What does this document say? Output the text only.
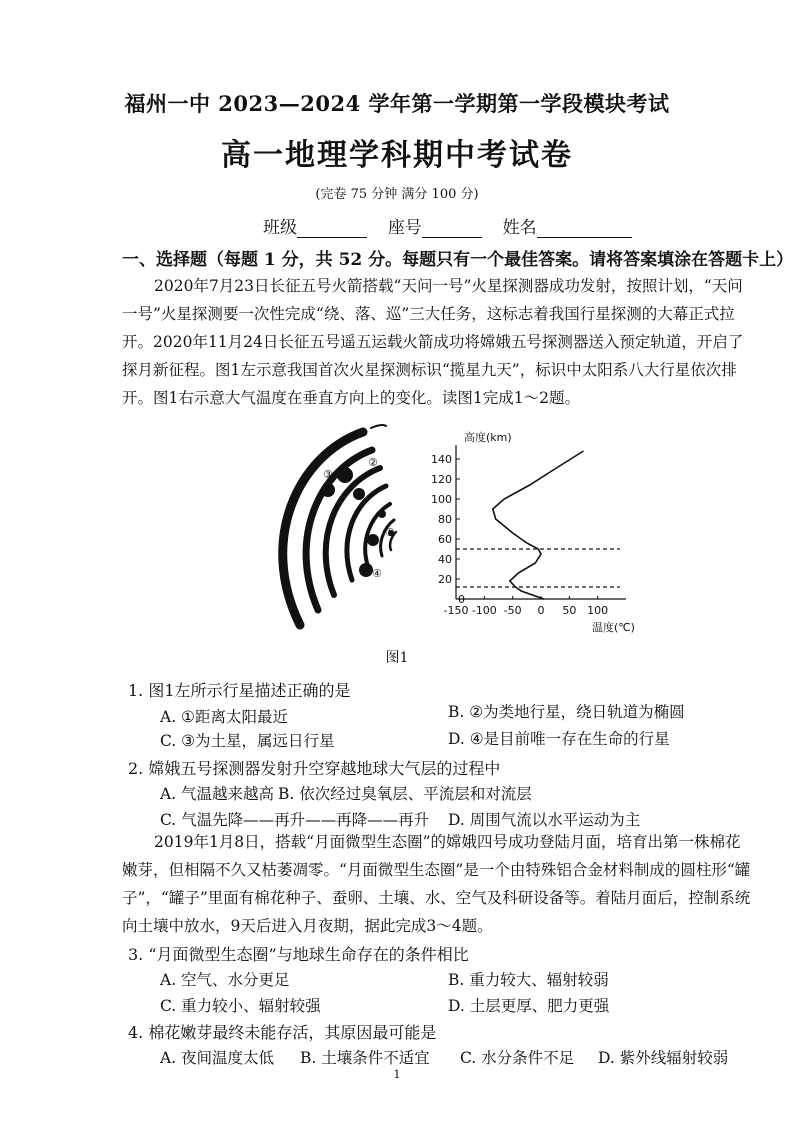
福州一中 2023—2024 学年第一学期第一学段模块考试
高一地理学科期中考试卷
(完卷 75 分钟 满分 100 分)
班级	座号	姓名
一、选择题（每题 1 分，共 52 分。每题只有一个最佳答案。请将答案填涂在答题卡上）
2020年7月23日长征五号火箭搭载“天问一号”火星探测器成功发射，按照计划，“天问一号”火星探测要一次性完成“绕、落、巡”三大任务，这标志着我国行星探测的大幕正式拉开。2020年11月24日长征五号遥五运载火箭成功将嫦娥五号探测器送入预定轨道，开启了探月新征程。图1左示意我国首次火星探测标识“揽星九天”，标识中太阳系八大行星依次排开。图1右示意大气温度在垂直方向上的变化。读图1完成1～2题。
③
②
①
④	20
40
60
80
100
120
140
0
-150 -100 -50 0 50 100
高度(km)
温度(℃)
图1
1. 图1左所示行星描述正确的是
A. ①距离太阳最近	B. ②为类地行星，绕日轨道为椭圆
C. ③为土星，属远日行星	D. ④是目前唯一存在生命的行星
2. 嫦娥五号探测器发射升空穿越地球大气层的过程中
A. 气温越来越高 B. 依次经过臭氧层、平流层和对流层
C. 气温先降——再升——再降——再升 D. 周围气流以水平运动为主
2019年1月8日，搭载“月面微型生态圈”的嫦娥四号成功登陆月面，培育出第一株棉花嫩芽，但相隔不久又枯萎凋零。“月面微型生态圈”是一个由特殊铝合金材料制成的圆柱形“罐子”，“罐子”里面有棉花种子、蚕卵、土壤、水、空气及科研设备等。着陆月面后，控制系统向土壤中放水，9天后进入月夜期，据此完成3～4题。
3. “月面微型生态圈”与地球生命存在的条件相比
A. 空气、水分更足	B. 重力较大、辐射较弱
C. 重力较小、辐射较强	D. 土层更厚、肥力更强
4. 棉花嫩芽最终未能存活，其原因最可能是
A. 夜间温度太低 B. 土壤条件不适宜 C. 水分条件不足 D. 紫外线辐射较弱
1
